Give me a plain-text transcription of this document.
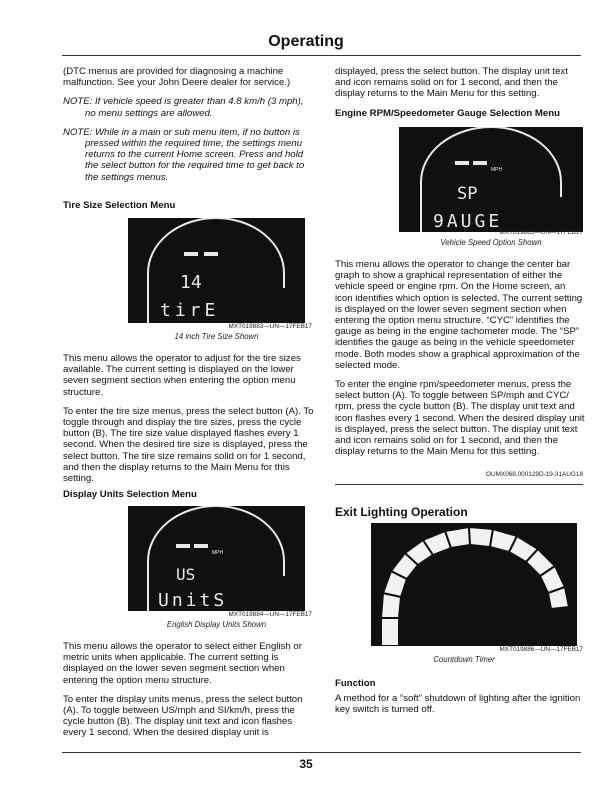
Operating

(DTC menus are provided for diagnosing a machine malfunction. See your John Deere dealer for service.)

NOTE: If vehicle speed is greater than 4.8 km/h (3 mph), no menu settings are allowed.

NOTE: While in a main or sub menu item, if no button is pressed within the required time, the settings menu returns to the current Home screen. Press and hold the select button for the required time to get back to the settings menus.

Tire Size Selection Menu
14
tirE
MXT019883—UN—17FEB17
14 inch Tire Size Shown

This menu allows the operator to adjust for the tire sizes available. The current setting is displayed on the lower seven segment section when entering the option menu structure.

To enter the tire size menus, press the select button (A). To toggle through and display the tire sizes, press the cycle button (B). The tire size value displayed flashes every 1 second. When the desired tire size is displayed, press the select button. The tire size remains solid on for 1 second, and then the display returns to the Main Menu for this setting.

Display Units Selection Menu
MPH
US
UnitS
MXT019884—UN—17FEB17
English Display Units Shown

This menu allows the operator to select either English or metric units when applicable. The current setting is displayed on the lower seven segment section when entering the option menu structure.

To enter the display units menus, press the select button (A). To toggle between US/mph and SI/km/h, press the cycle button (B). The display unit text and icon flashes every 1 second. When the desired display unit is

displayed, press the select button. The display unit text and icon remains solid on for 1 second, and then the display returns to the Main Menu for this setting.

Engine RPM/Speedometer Gauge Selection Menu
MPH
SP
9AUGE
MXT019885—UN—17FEB17
Vehicle Speed Option Shown

This menu allows the operator to change the center bar graph to show a graphical representation of either the vehicle speed or engine rpm. On the Home screen, an icon identifies which option is selected. The current setting is displayed on the lower seven segment section when entering the option menu structure. “CYC” identifies the gauge as being in the engine tachometer mode. The “SP” identifies the gauge as being in the vehicle speedometer mode. Both modes show a graphical approximation of the selected mode.

To enter the engine rpm/speedometer menus, press the select button (A). To toggle between SP/mph and CYC/ rpm, press the cycle button (B). The display unit text and icon flashes every 1 second. When the desired display unit is displayed, press the select button. The display unit text and icon remains solid on for 1 second, and then the display returns to the Main Menu for this setting.

OUMX068,000129D-19-31AUG18
Exit Lighting Operation
MXT019886—UN—17FEB17
Countdown Timer
Function
A method for a “soft” shutdown of lighting after the ignition key switch is turned off.
35
